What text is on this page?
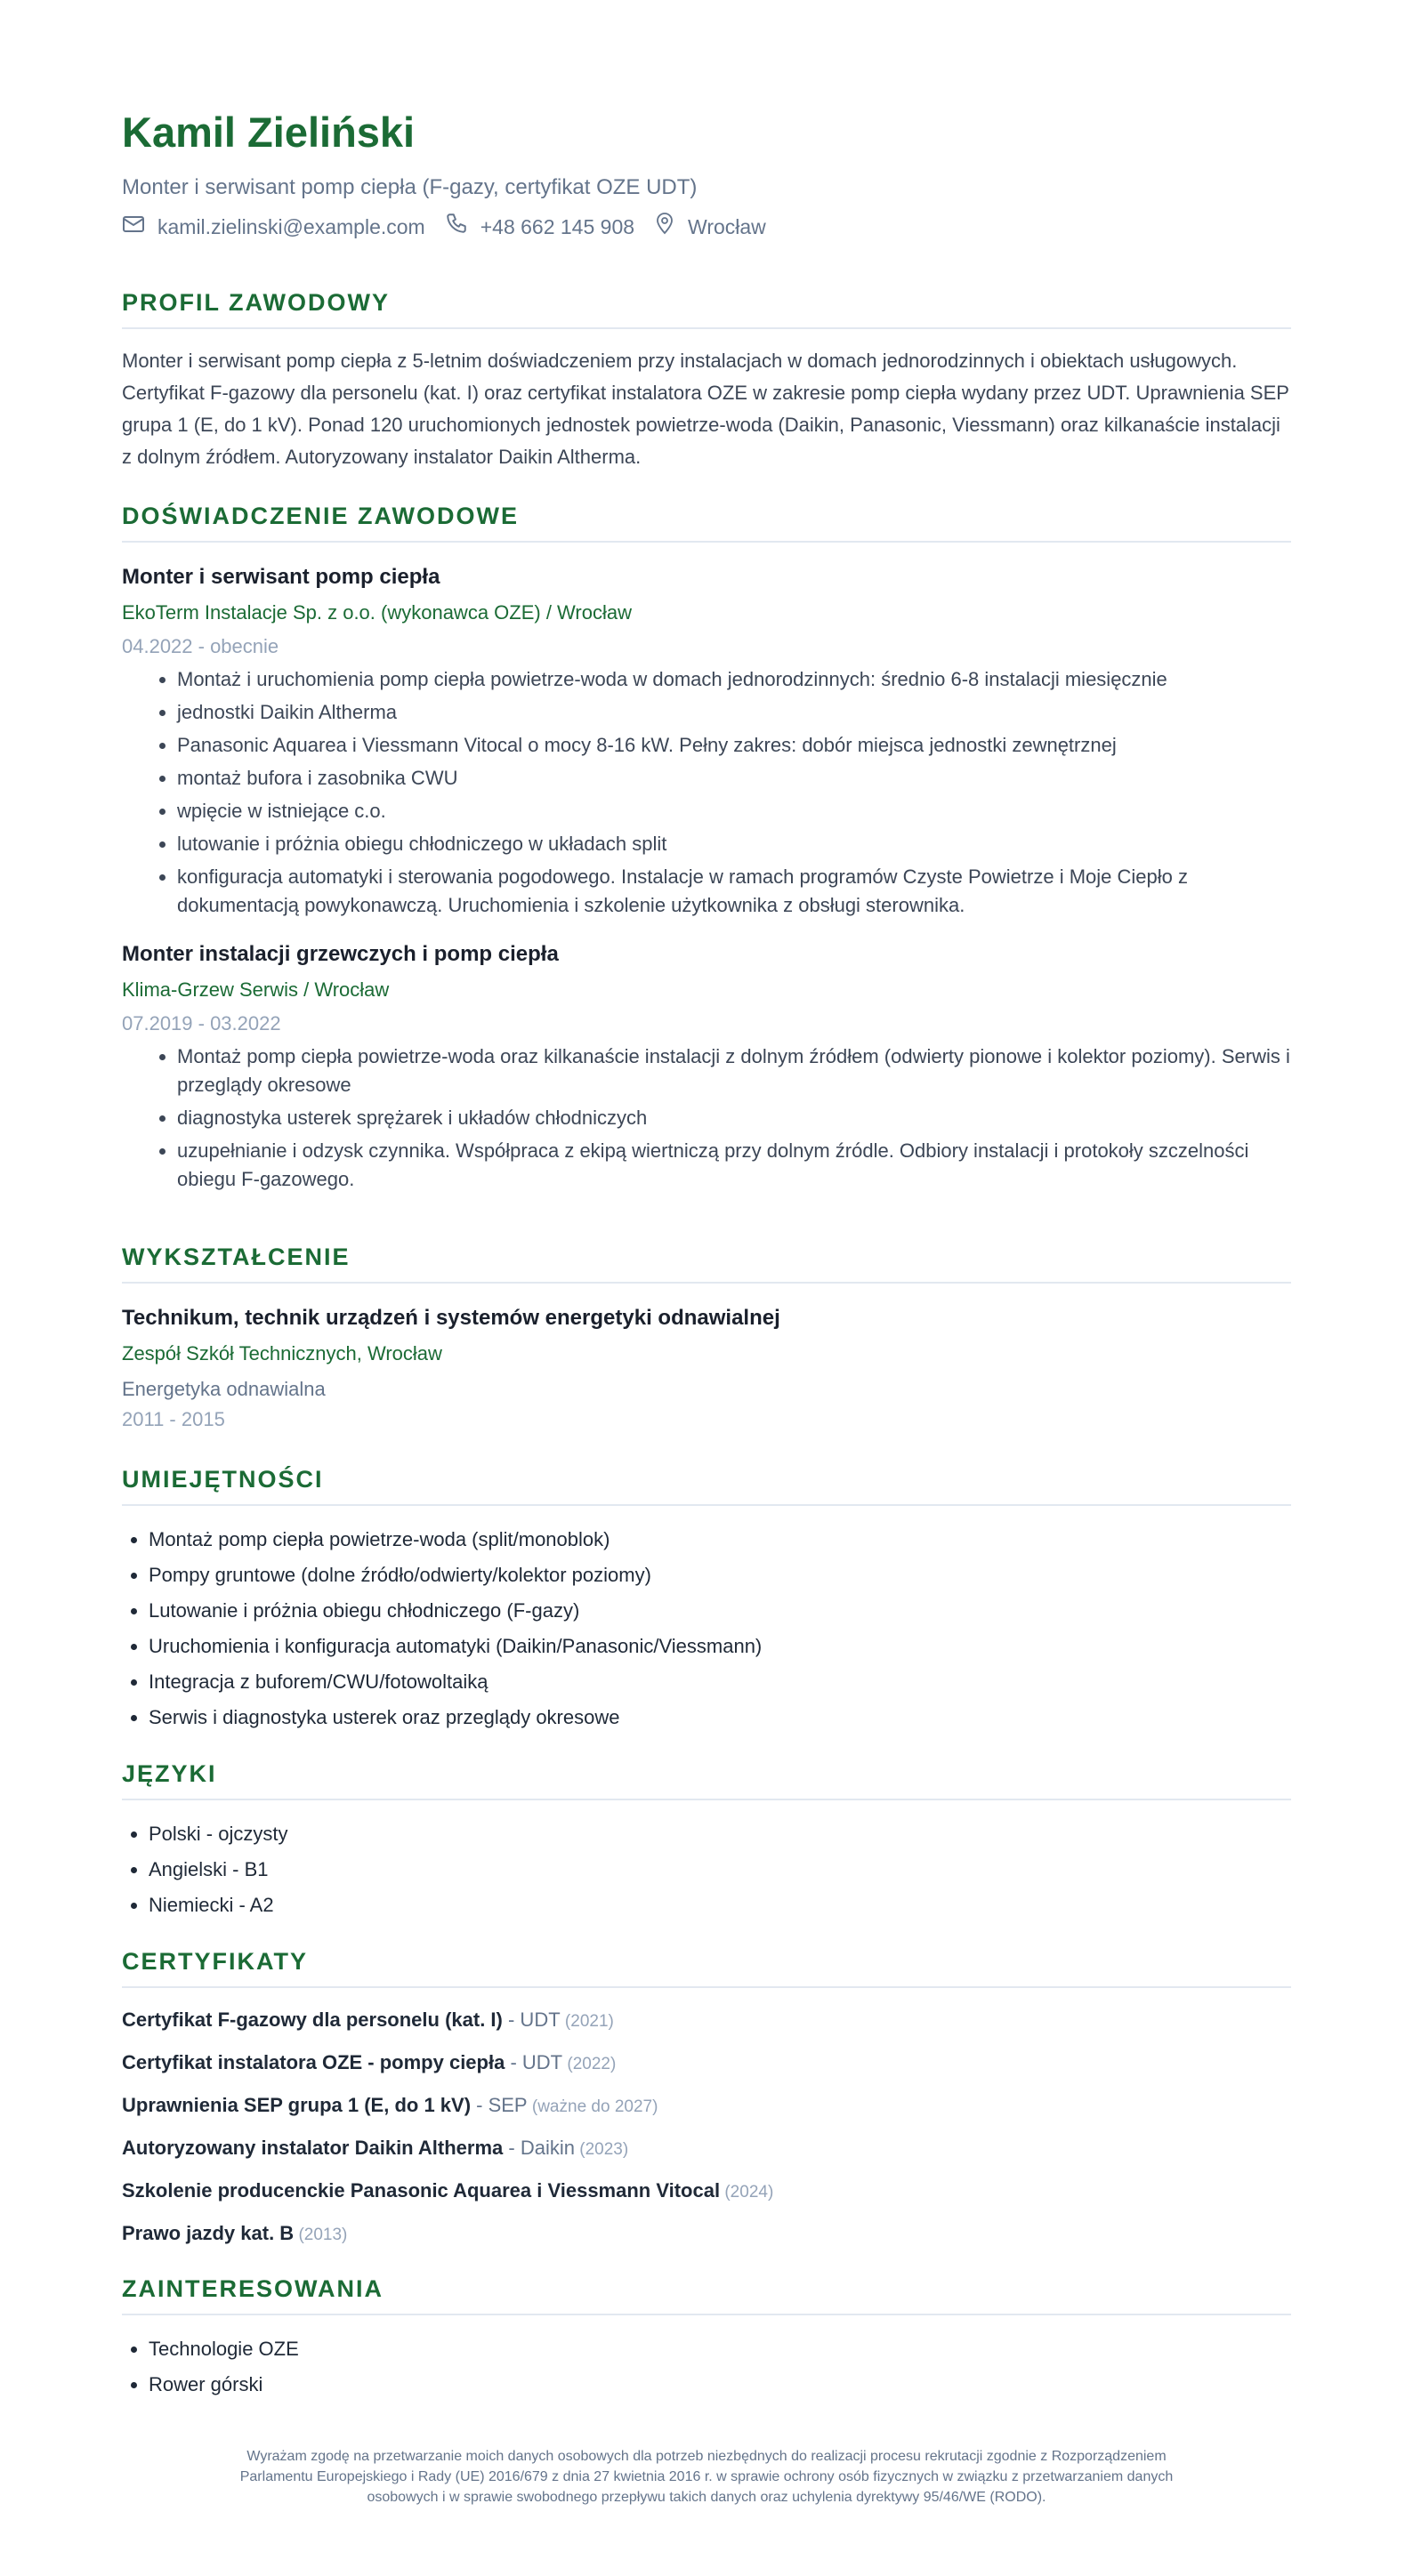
Kamil Zieliński
Monter i serwisant pomp ciepła (F-gazy, certyfikat OZE UDT)
kamil.zielinski@example.com	+48 662 145 908	Wrocław
PROFIL ZAWODOWY

Monter i serwisant pomp ciepła z 5-letnim doświadczeniem przy instalacjach w domach jednorodzinnych i obiektach usługowych. Certyfikat F-gazowy dla personelu (kat. I) oraz certyfikat instalatora OZE w zakresie pomp ciepła wydany przez UDT. Uprawnienia SEP grupa 1 (E, do 1 kV). Ponad 120 uruchomionych jednostek powietrze-woda (Daikin, Panasonic, Viessmann) oraz kilkanaście instalacji z dolnym źródłem. Autoryzowany instalator Daikin Altherma.

DOŚWIADCZENIE ZAWODOWE
Monter i serwisant pomp ciepła
EkoTerm Instalacje Sp. z o.o. (wykonawca OZE) / Wrocław
04.2022 - obecnie
• Montaż i uruchomienia pomp ciepła powietrze-woda w domach jednorodzinnych: średnio 6-8 instalacji miesięcznie
• jednostki Daikin Altherma
• Panasonic Aquarea i Viessmann Vitocal o mocy 8-16 kW. Pełny zakres: dobór miejsca jednostki zewnętrznej
• montaż bufora i zasobnika CWU
• wpięcie w istniejące c.o.
• lutowanie i próżnia obiegu chłodniczego w układach split
• konfiguracja automatyki i sterowania pogodowego. Instalacje w ramach programów Czyste Powietrze i Moje Ciepło z dokumentacją powykonawczą. Uruchomienia i szkolenie użytkownika z obsługi sterownika.
Monter instalacji grzewczych i pomp ciepła
Klima-Grzew Serwis / Wrocław
07.2019 - 03.2022
• Montaż pomp ciepła powietrze-woda oraz kilkanaście instalacji z dolnym źródłem (odwierty pionowe i kolektor poziomy). Serwis i przeglądy okresowe
• diagnostyka usterek sprężarek i układów chłodniczych
• uzupełnianie i odzysk czynnika. Współpraca z ekipą wiertniczą przy dolnym źródle. Odbiory instalacji i protokoły szczelności obiegu F-gazowego.
WYKSZTAŁCENIE
Technikum, technik urządzeń i systemów energetyki odnawialnej
Zespół Szkół Technicznych, Wrocław
Energetyka odnawialna
2011 - 2015
UMIEJĘTNOŚCI
• Montaż pomp ciepła powietrze-woda (split/monoblok)
• Pompy gruntowe (dolne źródło/odwierty/kolektor poziomy)
• Lutowanie i próżnia obiegu chłodniczego (F-gazy)
• Uruchomienia i konfiguracja automatyki (Daikin/Panasonic/Viessmann)
• Integracja z buforem/CWU/fotowoltaiką
• Serwis i diagnostyka usterek oraz przeglądy okresowe
JĘZYKI
• Polski - ojczysty
• Angielski - B1
• Niemiecki - A2
CERTYFIKATY
Certyfikat F-gazowy dla personelu (kat. I) - UDT (2021)
Certyfikat instalatora OZE - pompy ciepła - UDT (2022)
Uprawnienia SEP grupa 1 (E, do 1 kV) - SEP (ważne do 2027)
Autoryzowany instalator Daikin Altherma - Daikin (2023)
Szkolenie producenckie Panasonic Aquarea i Viessmann Vitocal (2024)
Prawo jazdy kat. B (2013)
ZAINTERESOWANIA
• Technologie OZE
• Rower górski
Wyrażam zgodę na przetwarzanie moich danych osobowych dla potrzeb niezbędnych do realizacji procesu rekrutacji zgodnie z Rozporządzeniem Parlamentu Europejskiego i Rady (UE) 2016/679 z dnia 27 kwietnia 2016 r. w sprawie ochrony osób fizycznych w związku z przetwarzaniem danych osobowych i w sprawie swobodnego przepływu takich danych oraz uchylenia dyrektywy 95/46/WE (RODO).
